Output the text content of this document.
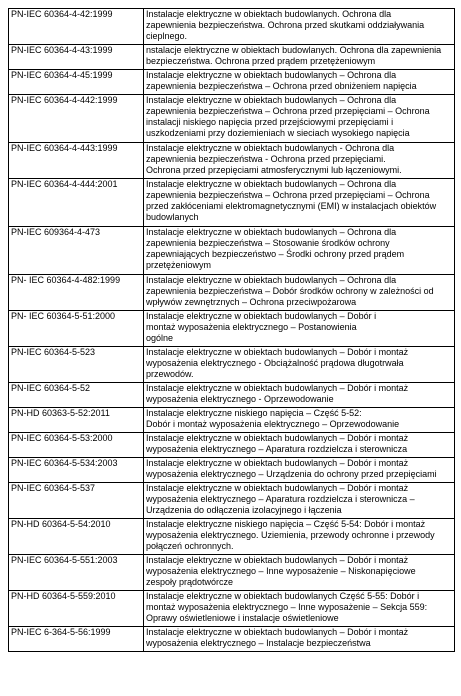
PN-IEC 60364-4-42:1999	Instalacje elektryczne w obiektach budowlanych. Ochrona dla
zapewnienia bezpieczeństwa. Ochrona przed skutkami oddziaływania
cieplnego.
PN-IEC 60364-4-43:1999	nstalacje elektryczne w obiektach budowlanych. Ochrona dla zapewnienia
bezpieczeństwa. Ochrona przed prądem przetężeniowym
PN-IEC 60364-4-45:1999	Instalacje elektryczne w obiektach budowlanych – Ochrona dla
zapewnienia bezpieczeństwa – Ochrona przed obniżeniem napięcia
PN-IEC 60364-4-442:1999	Instalacje elektryczne w obiektach budowlanych – Ochrona dla
zapewnienia bezpieczeństwa – Ochrona przed przepięciami – Ochrona
instalacji niskiego napięcia przed przejściowymi przepięciami i
uszkodzeniami przy doziemieniach w sieciach wysokiego napięcia
PN-IEC 60364-4-443:1999	Instalacje elektryczne w obiektach budowlanych - Ochrona dla
zapewnienia bezpieczeństwa - Ochrona przed przepięciami.
Ochrona przed przepięciami atmosferycznymi lub łączeniowymi.
PN-IEC 60364-4-444:2001	Instalacje elektryczne w obiektach budowlanych – Ochrona dla
zapewnienia bezpieczeństwa – Ochrona przed przepięciami – Ochrona
przed zakłóceniami elektromagnetycznymi (EMI) w instalacjach obiektów
budowlanych
PN-IEC 609364-4-473	Instalacje elektryczne w obiektach budowlanych – Ochrona dla
zapewnienia bezpieczeństwa – Stosowanie środków ochrony
zapewniających bezpieczeństwo – Środki ochrony przed prądem
przetężeniowym
PN- IEC 60364-4-482:1999	Instalacje elektryczne w obiektach budowlanych – Ochrona dla
zapewnienia bezpieczeństwa – Dobór środków ochrony w zależności od
wpływów zewnętrznych – Ochrona przeciwpożarowa
PN- IEC 60364-5-51:2000	Instalacje elektryczne w obiektach budowlanych – Dobór i
montaż wyposażenia elektrycznego – Postanowienia
ogólne
PN-IEC 60364-5-523	Instalacje elektryczne w obiektach budowlanych – Dobór i montaż
wyposażenia elektrycznego - Obciążalność prądowa długotrwała
przewodów.
PN-IEC 60364-5-52	Instalacje elektryczne w obiektach budowlanych – Dobór i montaż
wyposażenia elektrycznego - Oprzewodowanie
PN-HD 60363-5-52:2011	Instalacje elektryczne niskiego napięcia – Część 5-52:
Dobór i montaż wyposażenia elektrycznego – Oprzewodowanie
PN-IEC 60364-5-53:2000	Instalacje elektryczne w obiektach budowlanych – Dobór i montaż
wyposażenia elektrycznego – Aparatura rozdzielcza i sterownicza
PN-IEC 60364-5-534:2003	Instalacje elektryczne w obiektach budowlanych – Dobór i montaż
wyposażenia elektrycznego – Urządzenia do ochrony przed przepięciami
PN-IEC 60364-5-537	Instalacje elektryczne w obiektach budowlanych – Dobór i montaż
wyposażenia elektrycznego – Aparatura rozdzielcza i sterownicza –
Urządzenia do odłączenia izolacyjnego i łączenia
PN-HD 60364-5-54:2010	Instalacje elektryczne niskiego napięcia – Część 5-54: Dobór i montaż
wyposażenia elektrycznego. Uziemienia, przewody ochronne i przewody
połączeń ochronnych.
PN-IEC 60364-5-551:2003	Instalacje elektryczne w obiektach budowlanych – Dobór i montaż
wyposażenia elektrycznego – Inne wyposażenie – Niskonapięciowe
zespoły prądotwórcze
PN-HD 60364-5-559:2010	Instalacje elektryczne w obiektach budowlanych Część 5-55: Dobór i
montaż wyposażenia elektrycznego – Inne wyposażenie – Sekcja 559:
Oprawy oświetleniowe i instalacje oświetleniowe
PN-IEC 6-364-5-56:1999	Instalacje elektryczne w obiektach budowlanych – Dobór i montaż
wyposażenia elektrycznego – Instalacje bezpieczeństwa
